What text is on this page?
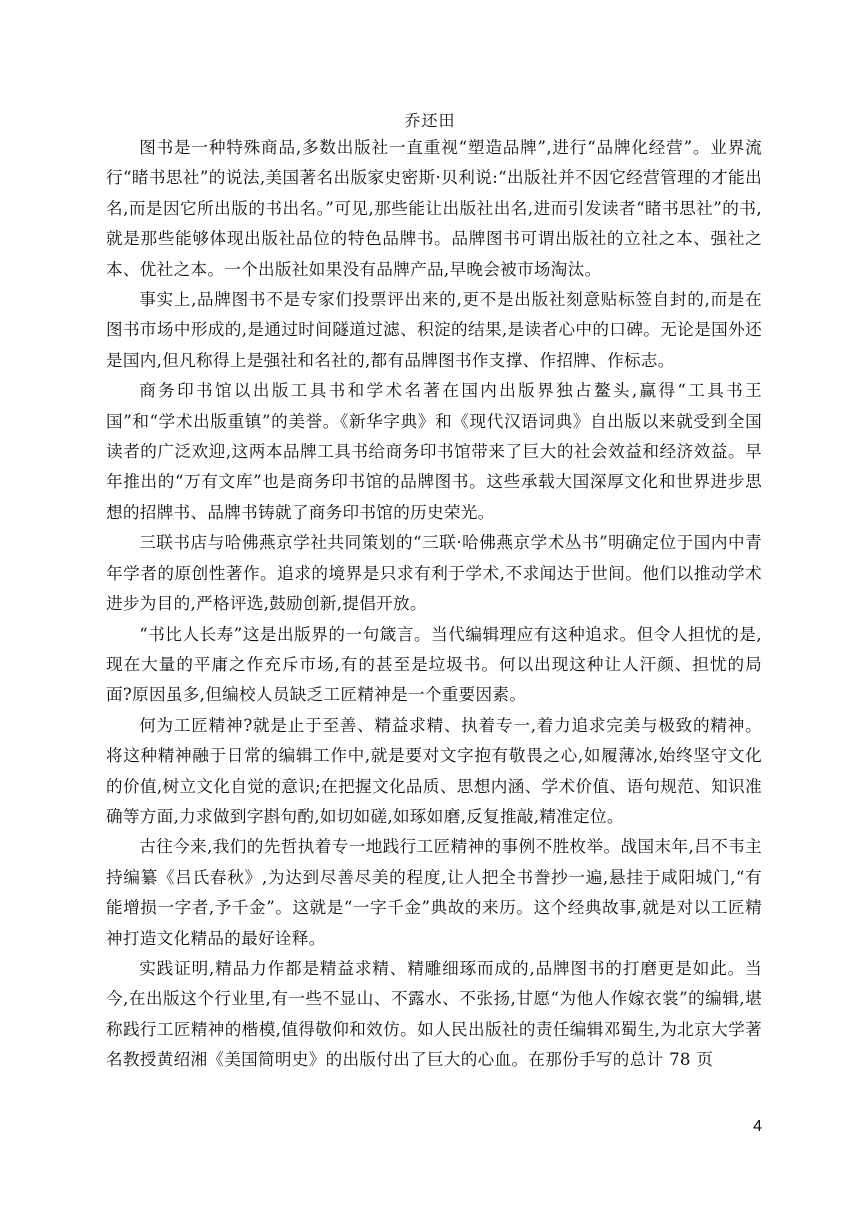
乔还田

图书是一种特殊商品,多数出版社一直重视“塑造品牌”,进行“品牌化经营”。业界流行“睹书思社”的说法,美国著名出版家史密斯·贝利说:“出版社并不因它经营管理的才能出名,而是因它所出版的书出名。”可见,那些能让出版社出名,进而引发读者“睹书思社”的书,就是那些能够体现出版社品位的特色品牌书。品牌图书可谓出版社的立社之本、强社之本、优社之本。一个出版社如果没有品牌产品,早晚会被市场淘汰。

事实上,品牌图书不是专家们投票评出来的,更不是出版社刻意贴标签自封的,而是在图书市场中形成的,是通过时间隧道过滤、积淀的结果,是读者心中的口碑。无论是国外还是国内,但凡称得上是强社和名社的,都有品牌图书作支撑、作招牌、作标志。

商务印书馆以出版工具书和学术名著在国内出版界独占鳌头,赢得“工具书王国”和“学术出版重镇”的美誉。《新华字典》和《现代汉语词典》自出版以来就受到全国读者的广泛欢迎,这两本品牌工具书给商务印书馆带来了巨大的社会效益和经济效益。早年推出的“万有文库”也是商务印书馆的品牌图书。这些承载大国深厚文化和世界进步思想的招牌书、品牌书铸就了商务印书馆的历史荣光。

三联书店与哈佛燕京学社共同策划的“三联·哈佛燕京学术丛书”明确定位于国内中青年学者的原创性著作。追求的境界是只求有利于学术,不求闻达于世间。他们以推动学术进步为目的,严格评选,鼓励创新,提倡开放。

“书比人长寿”这是出版界的一句箴言。当代编辑理应有这种追求。但令人担忧的是,现在大量的平庸之作充斥市场,有的甚至是垃圾书。何以出现这种让人汗颜、担忧的局面?原因虽多,但编校人员缺乏工匠精神是一个重要因素。

何为工匠精神?就是止于至善、精益求精、执着专一,着力追求完美与极致的精神。将这种精神融于日常的编辑工作中,就是要对文字抱有敬畏之心,如履薄冰,始终坚守文化的价值,树立文化自觉的意识;在把握文化品质、思想内涵、学术价值、语句规范、知识准确等方面,力求做到字斟句酌,如切如磋,如琢如磨,反复推敲,精准定位。

古往今来,我们的先哲执着专一地践行工匠精神的事例不胜枚举。战国末年,吕不韦主持编纂《吕氏春秋》,为达到尽善尽美的程度,让人把全书誊抄一遍,悬挂于咸阳城门,“有能增损一字者,予千金”。这就是“一字千金”典故的来历。这个经典故事,就是对以工匠精神打造文化精品的最好诠释。

实践证明,精品力作都是精益求精、精雕细琢而成的,品牌图书的打磨更是如此。当今,在出版这个行业里,有一些不显山、不露水、不张扬,甘愿“为他人作嫁衣裳”的编辑,堪称践行工匠精神的楷模,值得敬仰和效仿。如人民出版社的责任编辑邓蜀生,为北京大学著名教授黄绍湘《美国简明史》的出版付出了巨大的心血。在那份手写的总计 78 页

4
